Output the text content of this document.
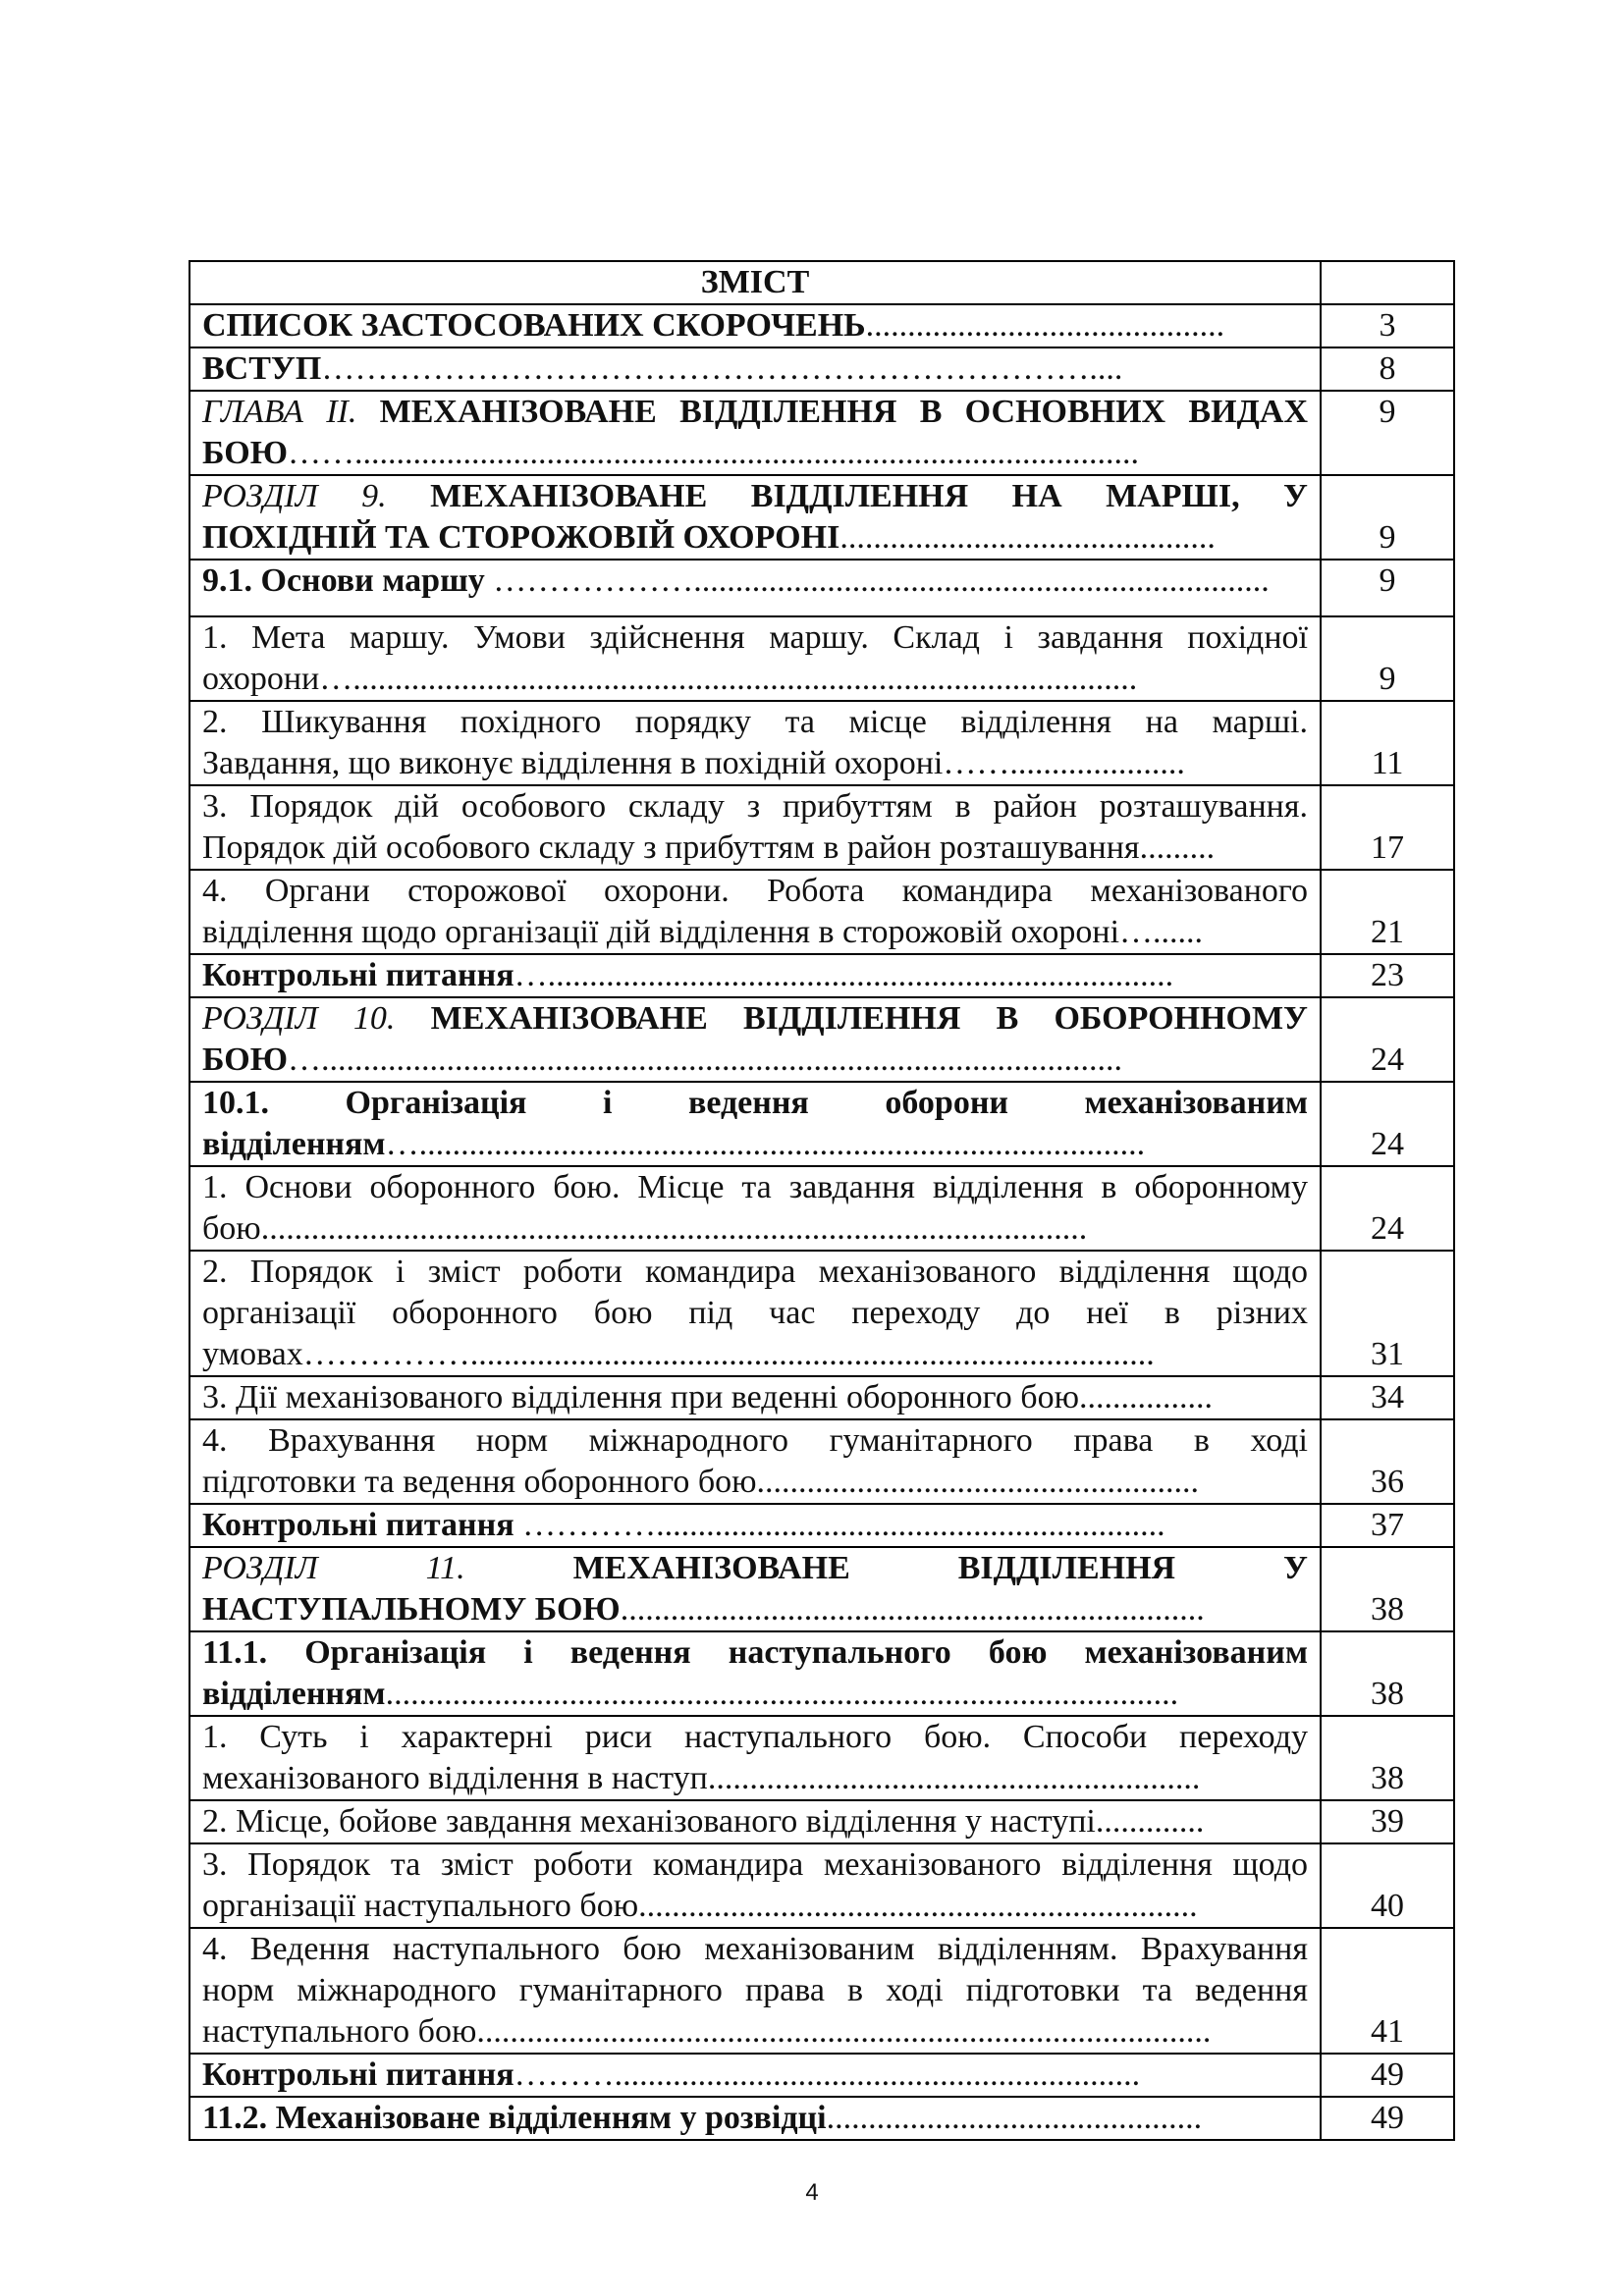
ЗМІСТ	
СПИСОК ЗАСТОСОВАНИХ СКОРОЧЕНЬ...........................................	3
ВСТУП……………………………………………………………....	8

ГЛАВА ІІ. МЕХАНІЗОВАНЕ ВІДДІЛЕННЯ В ОСНОВНИХ ВИДАХ
БОЮ……..............................................................................................	9

РОЗДІЛ 9. МЕХАНІЗОВАНЕ ВІДДІЛЕННЯ НА МАРШІ, У
ПОХІДНІЙ ТА СТОРОЖОВІЙ ОХОРОНІ.............................................	9
9.1. Основи маршу ……………….....................................................................	9

1. Мета маршу. Умови здійснення маршу. Склад і завдання похідної
охорони…..............................................................................................	9

2. Шикування похідного порядку та місце відділення на марші.
Завдання, що виконує відділення в похідній охороні…….....................	11

3. Порядок дій особового складу з прибуттям в район розташування.
Порядок дій особового складу з прибуттям в район розташування.........	17

4. Органи сторожової охорони. Робота командира механізованого
відділення щодо організації дій відділення в сторожовій охороні…......	21
Контрольні питання…...........................................................................	23

РОЗДІЛ 10. МЕХАНІЗОВАНЕ ВІДДІЛЕННЯ В ОБОРОННОМУ
БОЮ…................................................................................................	24

10.1. Організація і ведення оборони механізованим
відділенням….......................................................................................	24

1. Основи оборонного бою. Місце та завдання відділення в оборонному
бою...................................................................................................	24

2. Порядок і зміст роботи командира механізованого відділення щодо
організації оборонного бою під час переходу до неї в різних
умовах……………..................................................................................	31
3. Дії механізованого відділення при веденні оборонного бою................	34

4. Врахування норм міжнародного гуманітарного права в ході
підготовки та ведення оборонного бою.....................................................	36
Контрольні питання ………….............................................................	37

РОЗДІЛ 11. МЕХАНІЗОВАНЕ ВІДДІЛЕННЯ У
НАСТУПАЛЬНОМУ БОЮ......................................................................	38

11.1. Організація і ведення наступального бою механізованим
відділенням...............................................................................................	38

1. Суть і характерні риси наступального бою. Способи переходу
механізованого відділення в наступ...........................................................	38
2. Місце, бойове завдання механізованого відділення у наступі.............	39

3. Порядок та зміст роботи командира механізованого відділення щодо
організації наступального бою...................................................................	40

4. Ведення наступального бою механізованим відділенням. Врахування
норм міжнародного гуманітарного права в ході підготовки та ведення
наступального бою........................................................................................	41
Контрольні питання………...............................................................	49
11.2. Механізоване відділенням у розвідці.............................................	49
4
